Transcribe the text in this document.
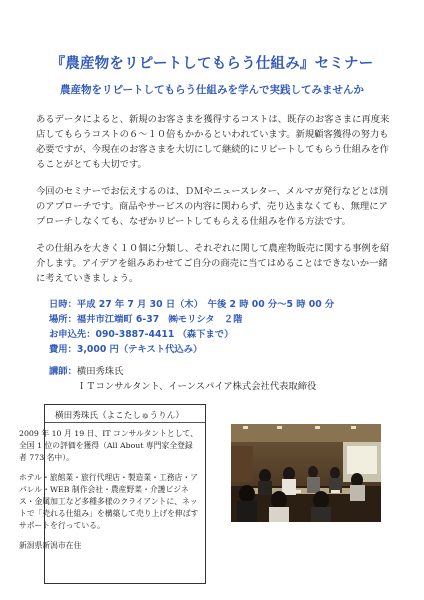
『農産物をリピートしてもらう仕組み』セミナー
農産物をリピートしてもらう仕組みを学んで実践してみませんか

あるデータによると、新規のお客さまを獲得するコストは、既存のお客さまに再度来店してもらうコストの６～１０倍もかかるといわれています。新規顧客獲得の努力も必要ですが、今現在のお客さまを大切にして継続的にリピートしてもらう仕組みを作ることがとても大切です。

今回のセミナーでお伝えするのは、ＤＭやニュースレター、メルマガ発行などとは別のアプローチです。商品やサービスの内容に関わらず、売り込まなくても、無理にアプローチしなくても、なぜかリピートしてもらえる仕組みを作る方法です。

その仕組みを大きく１０個に分類し、それぞれに関して農産物販売に関する事例を紹介します。アイデアを組みあわせてご自分の商売に当てはめることはできないか一緒に考えていきましょう。

日時：平成 27 年 7 月 30 日（木）　午後 2 時 00 分～5 時 00 分
場所：福井市江端町 6-37　㈱モリシタ　２階
お申込先：090-3887-4411 （森下まで）
費用：3,000 円（テキスト代込み）
講師：横田秀珠氏
ＩＴコンサルタント、イーンスパイア株式会社代表取締役
横田秀珠氏（よこたしゅうりん）

2009 年 10 月 19 日、IT コンサルタントとして、全国 1 位の評価を獲得（All About 専門家全登録者 773 名中）。

ホテル・旅館業・旅行代理店・製造業・工務店・アパレル・WEB 制作会社・農産野菜・介護ビジネス・金属加工など多種多様のクライアントに、ネットで「売れる仕組み」を構築して売り上げを伸ばすサポートを行っている。

新潟県新潟市在住
